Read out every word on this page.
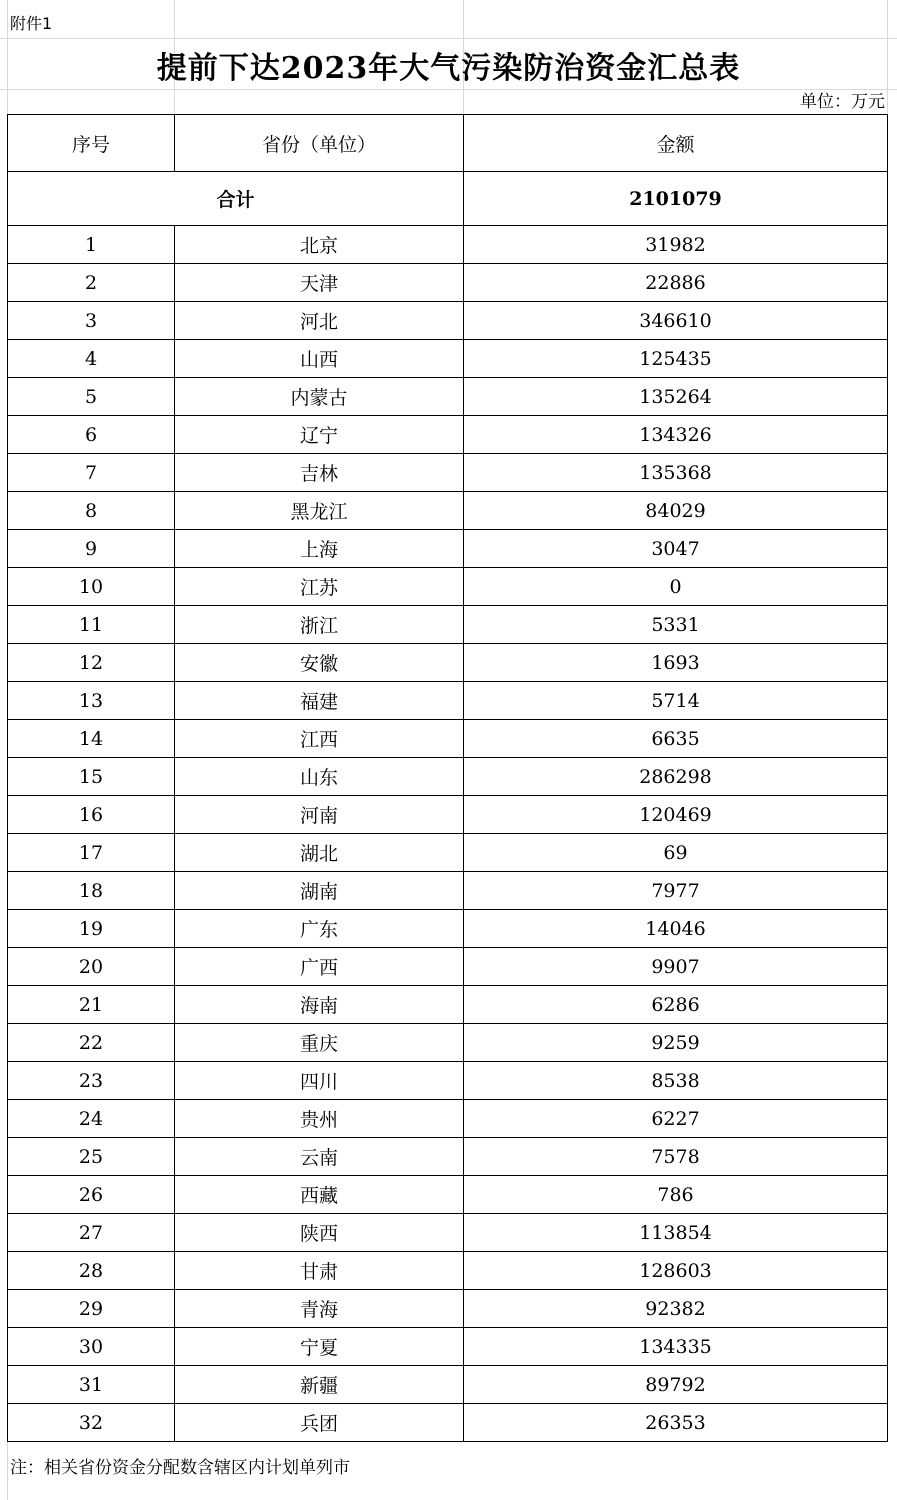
附件1
提前下达2023年大气污染防治资金汇总表
单位：万元
序号	省份（单位）	金额
合计		2101079
1	北京	31982
2	天津	22886
3	河北	346610
4	山西	125435
5	内蒙古	135264
6	辽宁	134326
7	吉林	135368
8	黑龙江	84029
9	上海	3047
10	江苏	0
11	浙江	5331
12	安徽	1693
13	福建	5714
14	江西	6635
15	山东	286298
16	河南	120469
17	湖北	69
18	湖南	7977
19	广东	14046
20	广西	9907
21	海南	6286
22	重庆	9259
23	四川	8538
24	贵州	6227
25	云南	7578
26	西藏	786
27	陕西	113854
28	甘肃	128603
29	青海	92382
30	宁夏	134335
31	新疆	89792
32	兵团	26353
注：相关省份资金分配数含辖区内计划单列市
